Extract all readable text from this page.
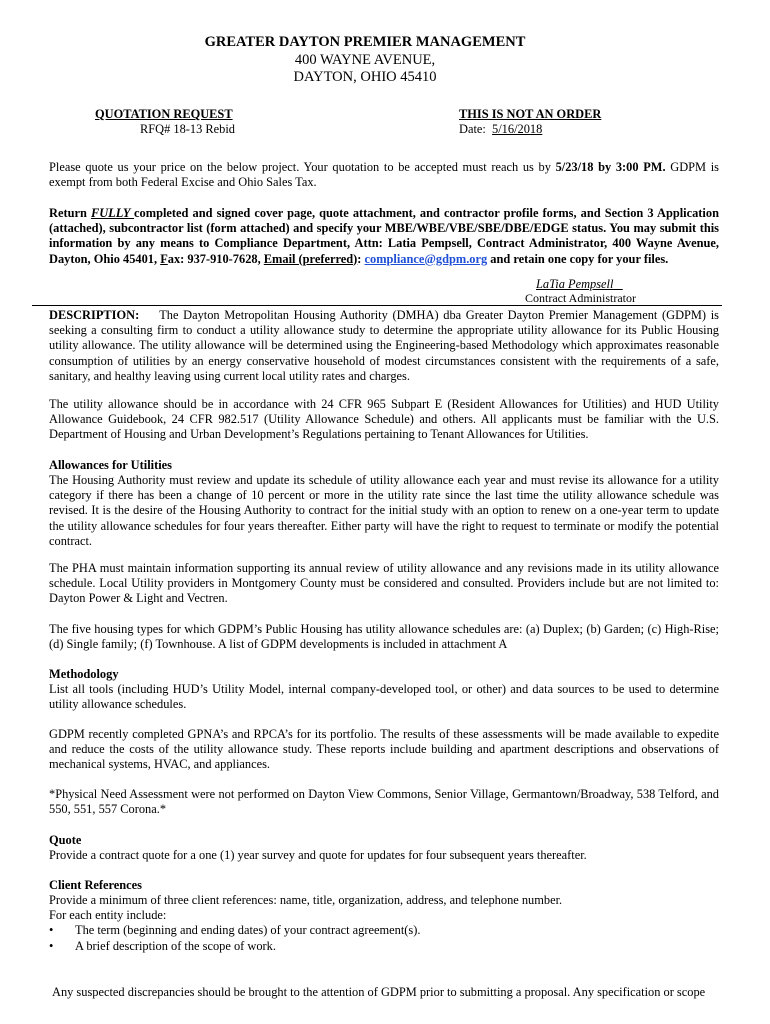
GREATER DAYTON PREMIER MANAGEMENT
400 WAYNE AVENUE,
DAYTON, OHIO 45410
QUOTATION REQUEST
RFQ# 18-13 Rebid
THIS IS NOT AN ORDER
Date: 5/16/2018
Please quote us your price on the below project. Your quotation to be accepted must reach us by 5/23/18 by 3:00 PM. GDPM is exempt from both Federal Excise and Ohio Sales Tax.
Return FULLY completed and signed cover page, quote attachment, and contractor profile forms, and Section 3 Application (attached), subcontractor list (form attached) and specify your MBE/WBE/VBE/SBE/DBE/EDGE status. You may submit this information by any means to Compliance Department, Attn: Latia Pempsell, Contract Administrator, 400 Wayne Avenue, Dayton, Ohio 45401, Fax: 937-910-7628, Email (preferred): compliance@gdpm.org and retain one copy for your files.
LaTia Pempsell
Contract Administrator
DESCRIPTION: The Dayton Metropolitan Housing Authority (DMHA) dba Greater Dayton Premier Management (GDPM) is seeking a consulting firm to conduct a utility allowance study to determine the appropriate utility allowance for its Public Housing utility allowance. The utility allowance will be determined using the Engineering-based Methodology which approximates reasonable consumption of utilities by an energy conservative household of modest circumstances consistent with the requirements of a safe, sanitary, and healthy leaving using current local utility rates and charges.
The utility allowance should be in accordance with 24 CFR 965 Subpart E (Resident Allowances for Utilities) and HUD Utility Allowance Guidebook, 24 CFR 982.517 (Utility Allowance Schedule) and others. All applicants must be familiar with the U.S. Department of Housing and Urban Development’s Regulations pertaining to Tenant Allowances for Utilities.
Allowances for Utilities
The Housing Authority must review and update its schedule of utility allowance each year and must revise its allowance for a utility category if there has been a change of 10 percent or more in the utility rate since the last time the utility allowance schedule was revised. It is the desire of the Housing Authority to contract for the initial study with an option to renew on a one-year term to update the utility allowance schedules for four years thereafter. Either party will have the right to request to terminate or modify the potential contract.
The PHA must maintain information supporting its annual review of utility allowance and any revisions made in its utility allowance schedule. Local Utility providers in Montgomery County must be considered and consulted. Providers include but are not limited to: Dayton Power & Light and Vectren.
The five housing types for which GDPM’s Public Housing has utility allowance schedules are: (a) Duplex; (b) Garden; (c) High-Rise; (d) Single family; (f) Townhouse. A list of GDPM developments is included in attachment A
Methodology
List all tools (including HUD’s Utility Model, internal company-developed tool, or other) and data sources to be used to determine utility allowance schedules.
GDPM recently completed GPNA’s and RPCA’s for its portfolio. The results of these assessments will be made available to expedite and reduce the costs of the utility allowance study. These reports include building and apartment descriptions and observations of mechanical systems, HVAC, and appliances.
*Physical Need Assessment were not performed on Dayton View Commons, Senior Village, Germantown/Broadway, 538 Telford, and 550, 551, 557 Corona.*
Quote
Provide a contract quote for a one (1) year survey and quote for updates for four subsequent years thereafter.
Client References
Provide a minimum of three client references: name, title, organization, address, and telephone number.
For each entity include:
• The term (beginning and ending dates) of your contract agreement(s).
• A brief description of the scope of work.
Any suspected discrepancies should be brought to the attention of GDPM prior to submitting a proposal. Any specification or scope
